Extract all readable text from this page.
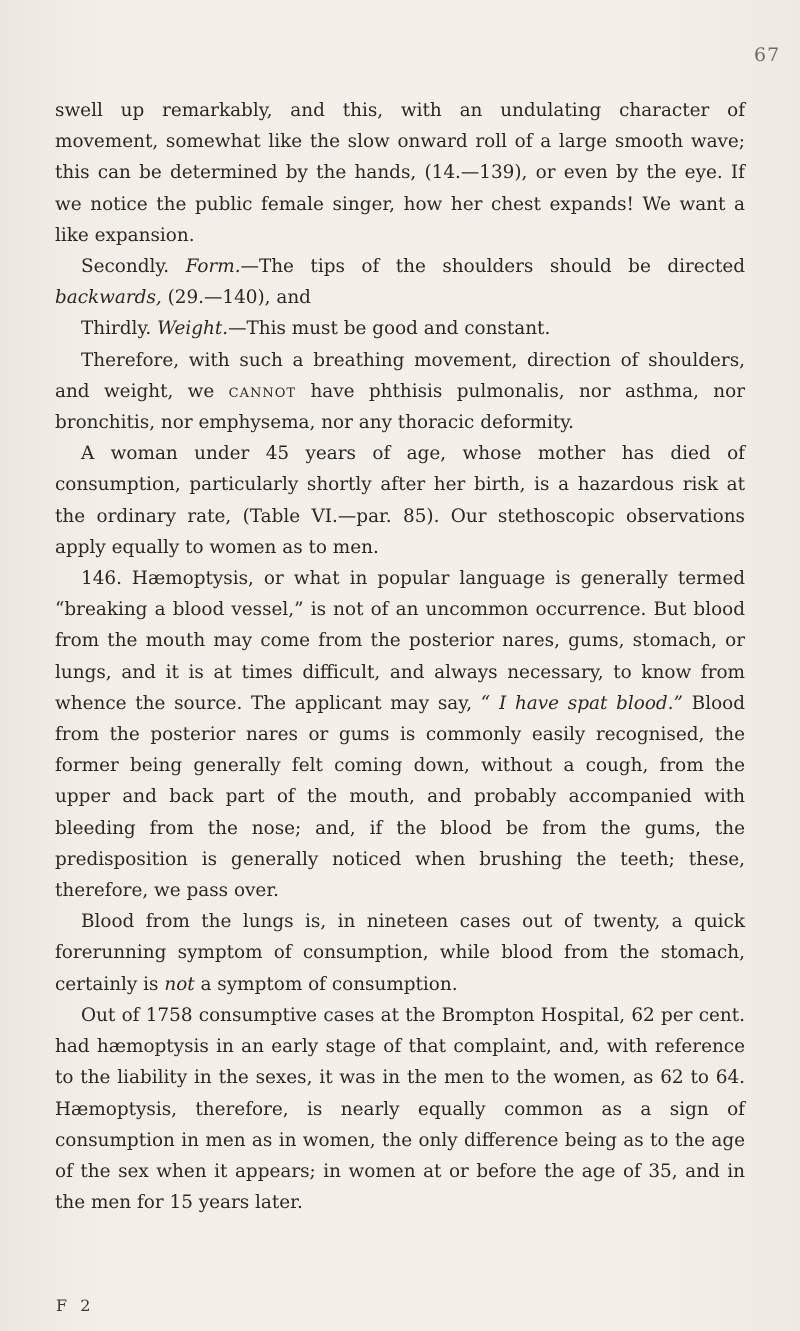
67

swell up remarkably, and this, with an undulating character of movement, somewhat like the slow onward roll of a large smooth wave; this can be determined by the hands, (14.—139), or even by the eye. If we notice the public female singer, how her chest expands! We want a like expansion.

Secondly. Form.—The tips of the shoulders should be directed backwards, (29.—140), and

Thirdly. Weight.—This must be good and constant.

Therefore, with such a breathing movement, direction of shoulders, and weight, we cannot have phthisis pulmonalis, nor asthma, nor bronchitis, nor emphysema, nor any thoracic deformity.

A woman under 45 years of age, whose mother has died of consumption, particularly shortly after her birth, is a hazardous risk at the ordinary rate, (Table VI.—par. 85). Our stethoscopic observations apply equally to women as to men.

146. Hæmoptysis, or what in popular language is generally termed “breaking a blood vessel,” is not of an uncommon occurrence. But blood from the mouth may come from the posterior nares, gums, stomach, or lungs, and it is at times difficult, and always necessary, to know from whence the source. The applicant may say, “ I have spat blood.” Blood from the posterior nares or gums is commonly easily recognised, the former being generally felt coming down, without a cough, from the upper and back part of the mouth, and probably accompanied with bleeding from the nose; and, if the blood be from the gums, the predisposition is generally noticed when brushing the teeth; these, therefore, we pass over.

Blood from the lungs is, in nineteen cases out of twenty, a quick forerunning symptom of consumption, while blood from the stomach, certainly is not a symptom of consumption.

Out of 1758 consumptive cases at the Brompton Hospital, 62 per cent. had hæmoptysis in an early stage of that complaint, and, with reference to the liability in the sexes, it was in the men to the women, as 62 to 64. Hæmoptysis, therefore, is nearly equally common as a sign of consumption in men as in women, the only difference being as to the age of the sex when it appears; in women at or before the age of 35, and in the men for 15 years later.

F 2
